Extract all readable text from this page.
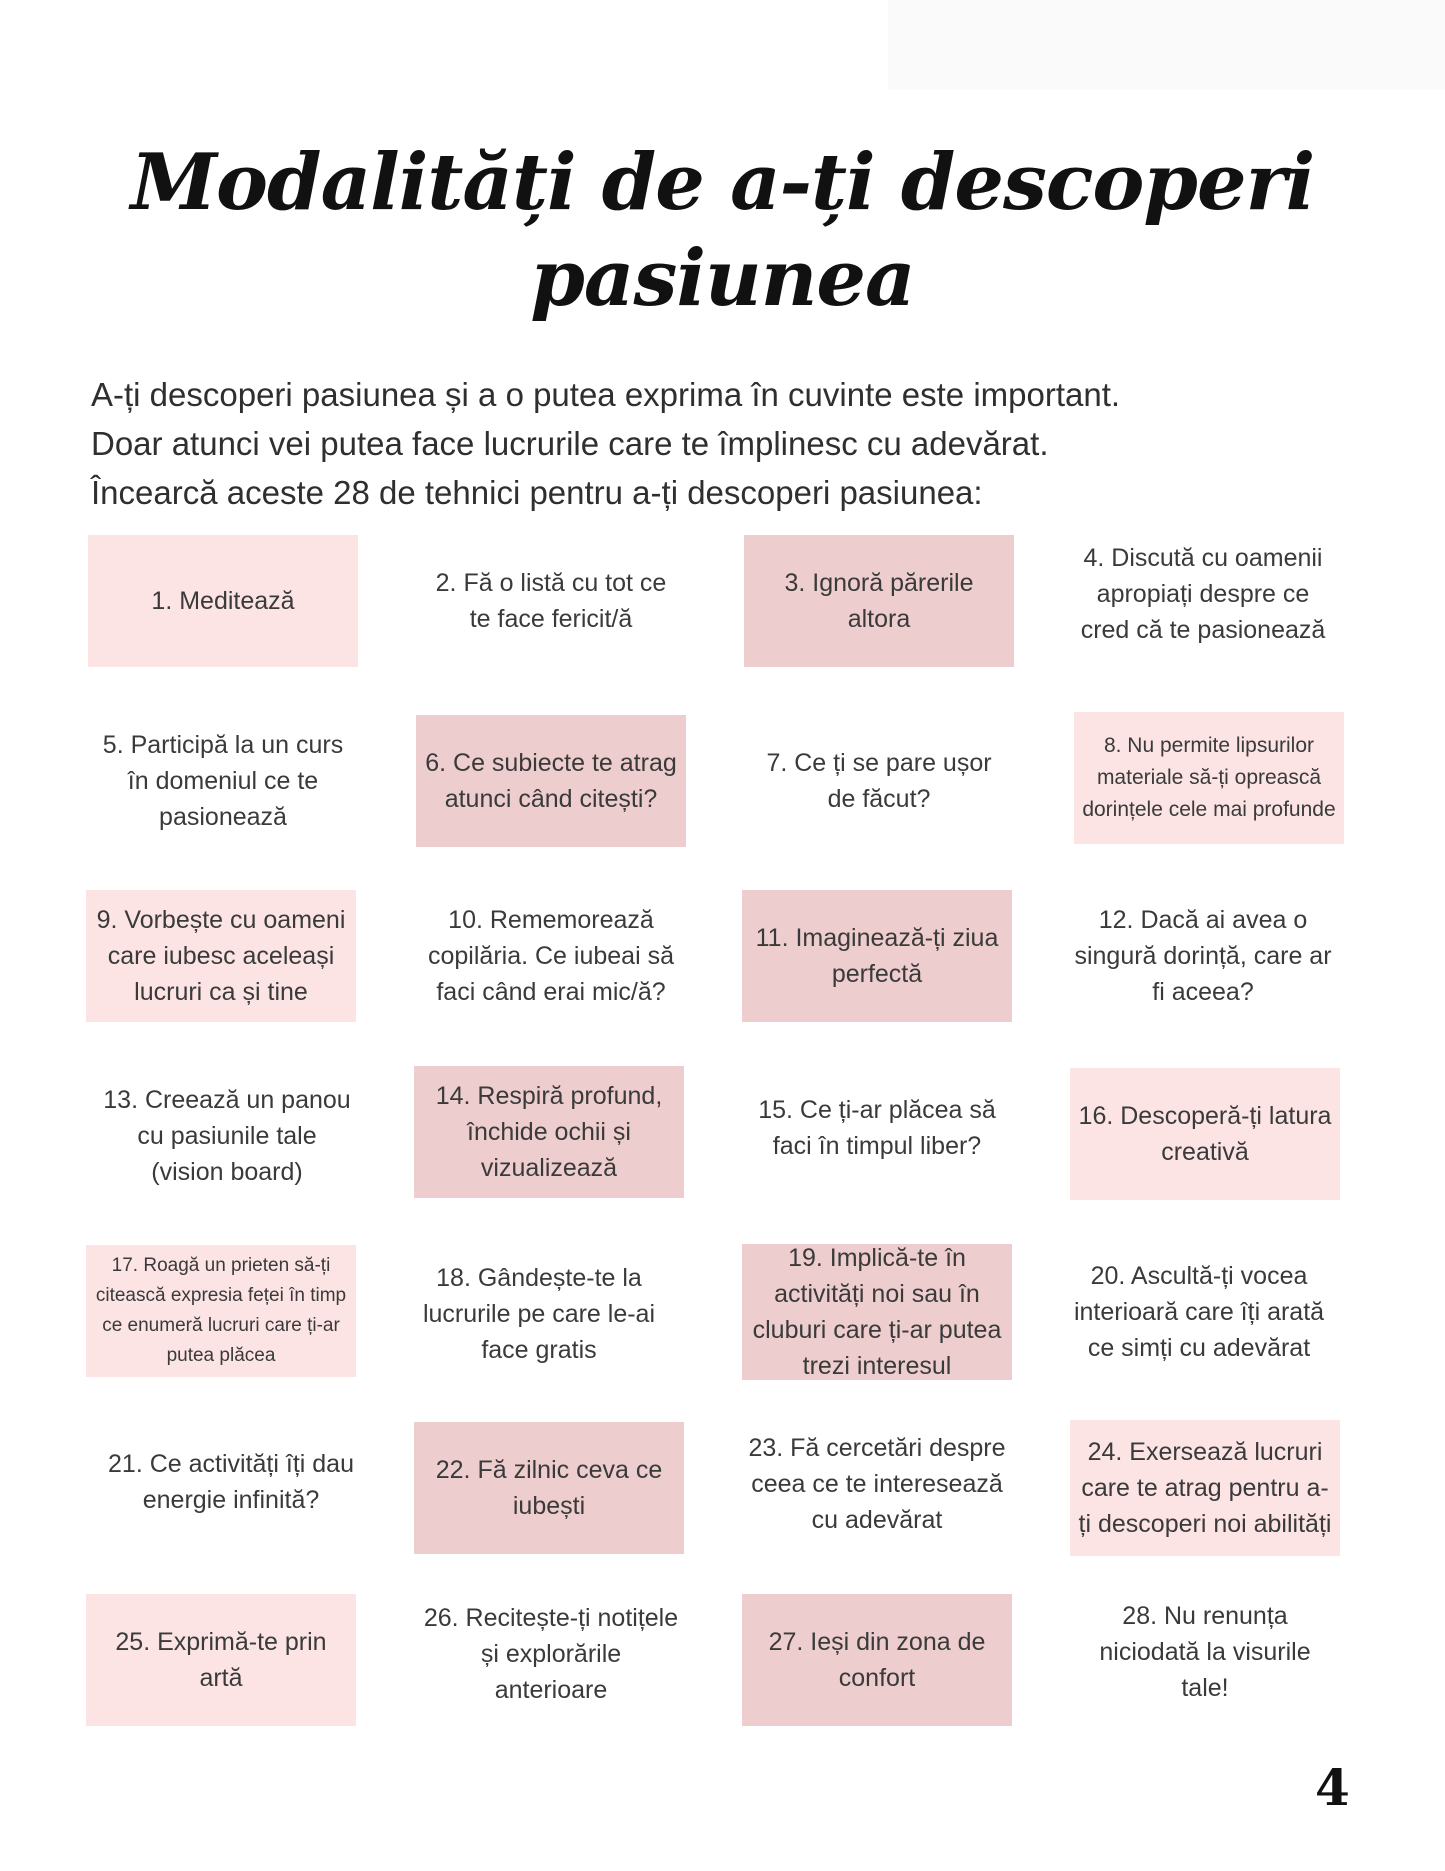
Modalități de a-ți descoperi
pasiunea

A-ți descoperi pasiunea și a o putea exprima în cuvinte este important.

Doar atunci vei putea face lucrurile care te împlinesc cu adevărat.

Încearcă aceste 28 de tehnici pentru a-ți descoperi pasiunea:

1. Meditează
2. Fă o listă cu tot ce te face fericit/ă
3. Ignoră părerile altora
4. Discută cu oamenii apropiați despre ce cred că te pasionează
5. Participă la un curs în domeniul ce te pasionează
6. Ce subiecte te atrag atunci când citești?
7. Ce ți se pare ușor de făcut?
8. Nu permite lipsurilor materiale să-ți oprească dorințele cele mai profunde
9. Vorbește cu oameni care iubesc aceleași lucruri ca și tine
10. Rememorează copilăria. Ce iubeai să faci când erai mic/ă?
11. Imaginează-ți ziua perfectă
12. Dacă ai avea o singură dorință, care ar fi aceea?
13. Creează un panou cu pasiunile tale (vision board)
14. Respiră profund, închide ochii și vizualizează
15. Ce ți-ar plăcea să faci în timpul liber?
16. Descoperă-ți latura creativă
17. Roagă un prieten să-ți citească expresia feței în timp ce enumeră lucruri care ți-ar putea plăcea
18. Gândește-te la lucrurile pe care le-ai face gratis
19. Implică-te în activități noi sau în cluburi care ți-ar putea trezi interesul
20. Ascultă-ți vocea interioară care îți arată ce simți cu adevărat
21. Ce activități îți dau energie infinită?
22. Fă zilnic ceva ce iubești
23. Fă cercetări despre ceea ce te interesează cu adevărat
24. Exersează lucruri care te atrag pentru a-ți descoperi noi abilități
25. Exprimă-te prin artă
26. Recitește-ți notițele și explorările anterioare
27. Ieși din zona de confort
28. Nu renunța niciodată la visurile tale!
4
